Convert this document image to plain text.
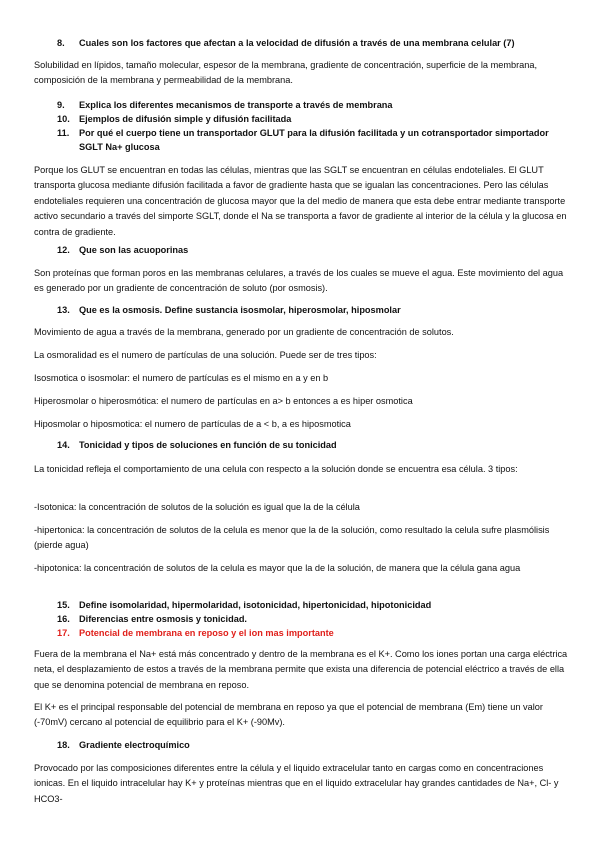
8.	Cuales son los factores que afectan a la velocidad de difusión a través de una membrana celular (7)

Solubilidad en lípidos, tamaño molecular, espesor de la membrana, gradiente de concentración, superficie de la membrana, composición de la membrana y permeabilidad de la membrana.

9.	Explica los diferentes mecanismos de transporte a través de membrana
10.	Ejemplos de difusión simple y difusión facilitada
11.	Por qué el cuerpo tiene un transportador GLUT para la difusión facilitada y un cotransportador simportador SGLT Na+ glucosa

Porque los GLUT se encuentran en todas las células, mientras que las SGLT se encuentran en células endoteliales. El GLUT transporta glucosa mediante difusión facilitada a favor de gradiente hasta que se igualan las concentraciones. Pero las células endoteliales requieren una concentración de glucosa mayor que la del medio de manera que esta debe entrar mediante transporte activo secundario a través del simporte SGLT, donde el Na se transporta a favor de gradiente al interior de la célula y la glucosa en contra de gradiente.

12.	Que son las acuoporinas

Son proteínas que forman poros en las membranas celulares, a través de los cuales se mueve el agua. Este movimiento del agua es generado por un gradiente de concentración de soluto (por osmosis).

13.	Que es la osmosis. Define sustancia isosmolar, hiperosmolar, hiposmolar

Movimiento de agua a través de la membrana, generado por un gradiente de concentración de solutos.

La osmoralidad es el numero de partículas de una solución. Puede ser de tres tipos:

Isosmotica o isosmolar: el numero de partículas es el mismo en a y en b

Hiperosmolar o hiperosmótica: el numero de partículas en a> b entonces a es hiper osmotica

Hiposmolar o hiposmotica: el numero de partículas de a < b, a es hiposmotica

14.	Tonicidad y tipos de soluciones en función de su tonicidad

La tonicidad refleja el comportamiento de una celula con respecto a la solución donde se encuentra esa célula. 3 tipos:

-Isotonica: la concentración de solutos de la solución es igual que la de la célula

-hipertonica: la concentración de solutos de la celula es menor que la de la solución, como resultado la celula sufre plasmólisis (pierde agua)

-hipotonica: la concentración de solutos de la celula es mayor que la de la solución, de manera que la célula gana agua

15.	Define isomolaridad, hipermolaridad, isotonicidad, hipertonicidad, hipotonicidad
16.	Diferencias entre osmosis y tonicidad.
17.	Potencial de membrana en reposo y el ion mas importante

Fuera de la membrana el Na+ está más concentrado y dentro de la membrana es el K+. Como los iones portan una carga eléctrica neta, el desplazamiento de estos a través de la membrana permite que exista una diferencia de potencial eléctrico a través de ella que se denomina potencial de membrana en reposo.

El K+ es el principal responsable del potencial de membrana en reposo ya que el potencial de membrana (Em) tiene un valor (-70mV) cercano al potencial de equilibrio para el K+ (-90Mv).

18.	Gradiente electroquímico

Provocado por las composiciones diferentes entre la célula y el liquido extracelular tanto en cargas como en concentraciones ionicas. En el liquido intracelular hay K+ y proteínas mientras que en el liquido extracelular hay grandes cantidades de Na+, Cl- y HCO3-
